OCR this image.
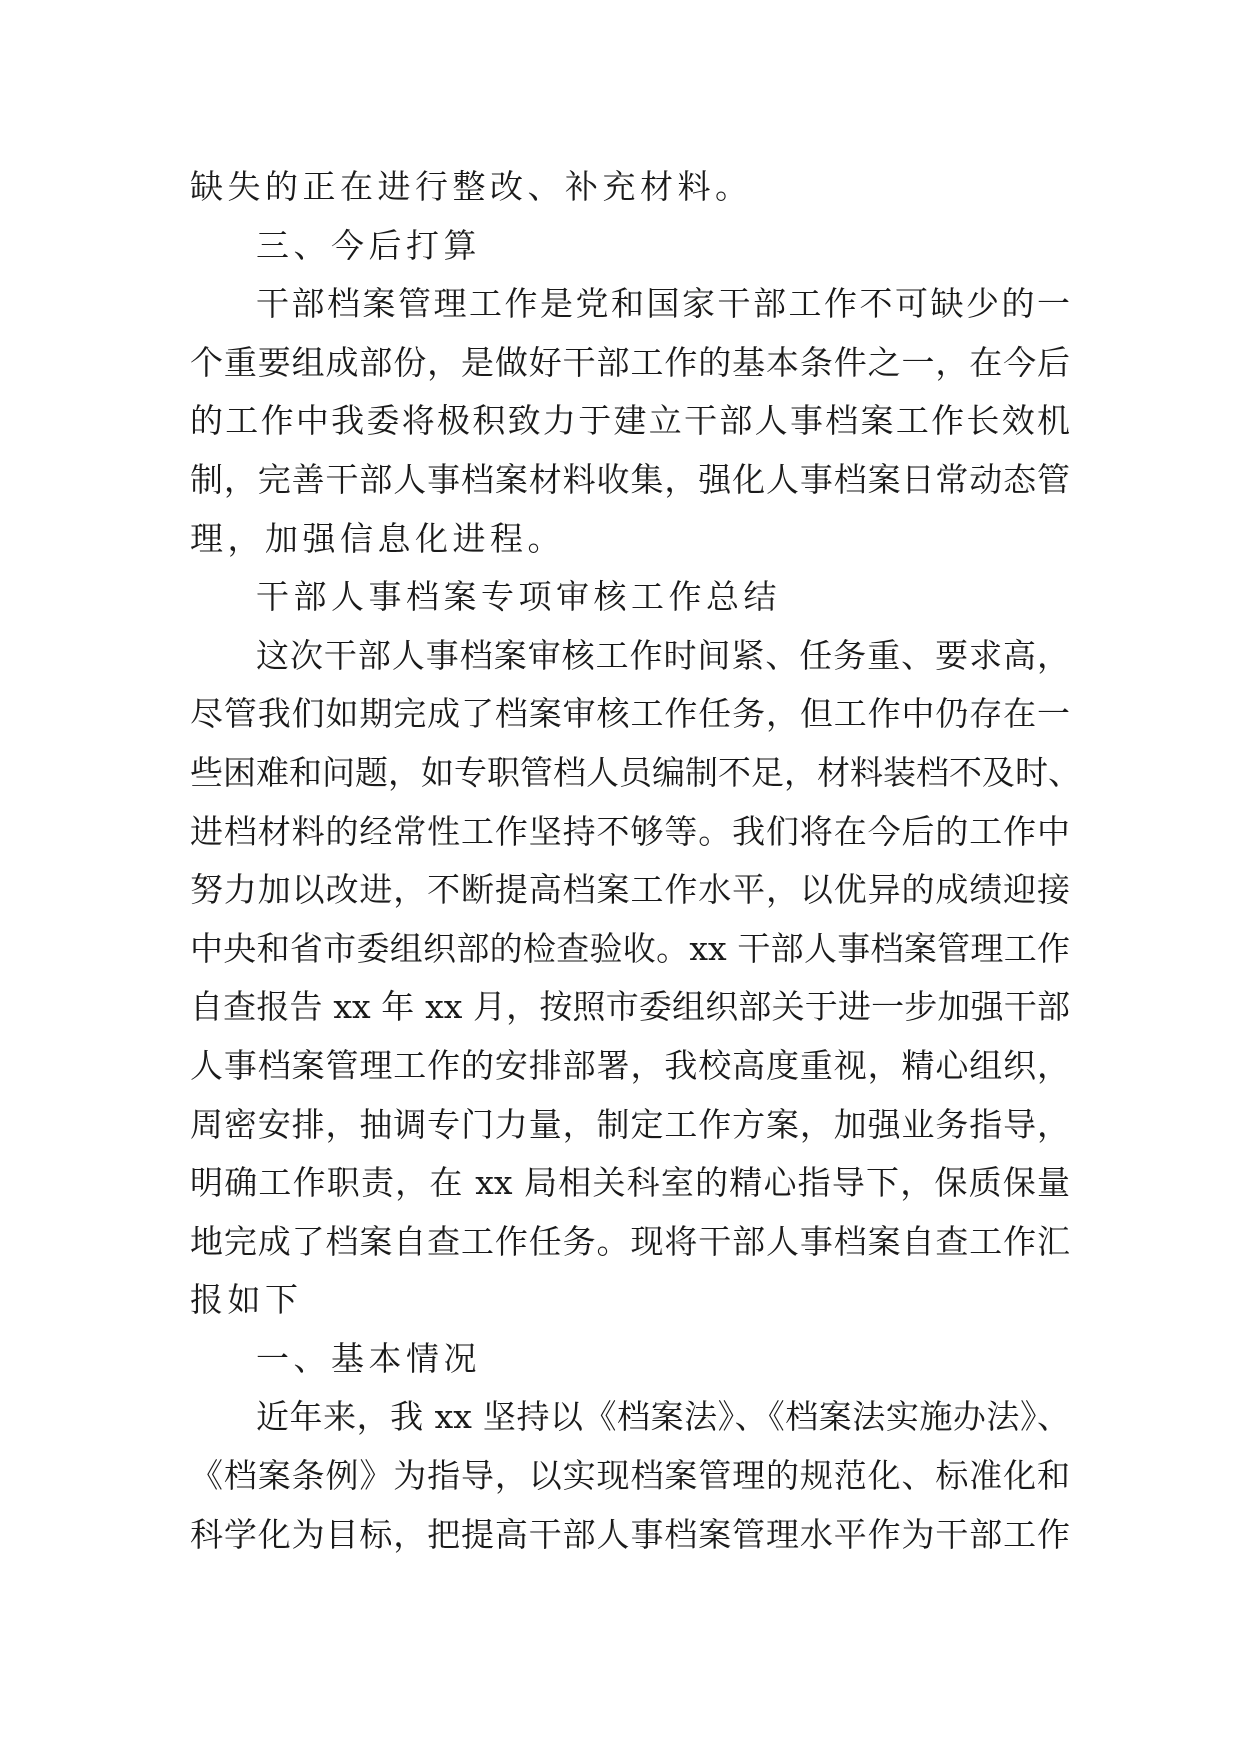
缺失的正在进行整改、补充材料。
三、今后打算
干部档案管理工作是党和国家干部工作不可缺少的一
个重要组成部份，是做好干部工作的基本条件之一，在今后
的工作中我委将极积致力于建立干部人事档案工作长效机
制，完善干部人事档案材料收集，强化人事档案日常动态管
理，加强信息化进程。
干部人事档案专项审核工作总结
这次干部人事档案审核工作时间紧、任务重、要求高，
尽管我们如期完成了档案审核工作任务，但工作中仍存在一
些困难和问题，如专职管档人员编制不足，材料装档不及时、
进档材料的经常性工作坚持不够等。我们将在今后的工作中
努力加以改进，不断提高档案工作水平，以优异的成绩迎接
中央和省市委组织部的检查验收。xx 干部人事档案管理工作
自查报告 xx 年 xx 月，按照市委组织部关于进一步加强干部
人事档案管理工作的安排部署，我校高度重视，精心组织，
周密安排，抽调专门力量，制定工作方案，加强业务指导，
明确工作职责，在 xx 局相关科室的精心指导下，保质保量
地完成了档案自查工作任务。现将干部人事档案自查工作汇
报如下
一、基本情况
近年来，我 xx 坚持以《档案法》、《档案法实施办法》、
《档案条例》为指导，以实现档案管理的规范化、标准化和
科学化为目标，把提高干部人事档案管理水平作为干部工作
